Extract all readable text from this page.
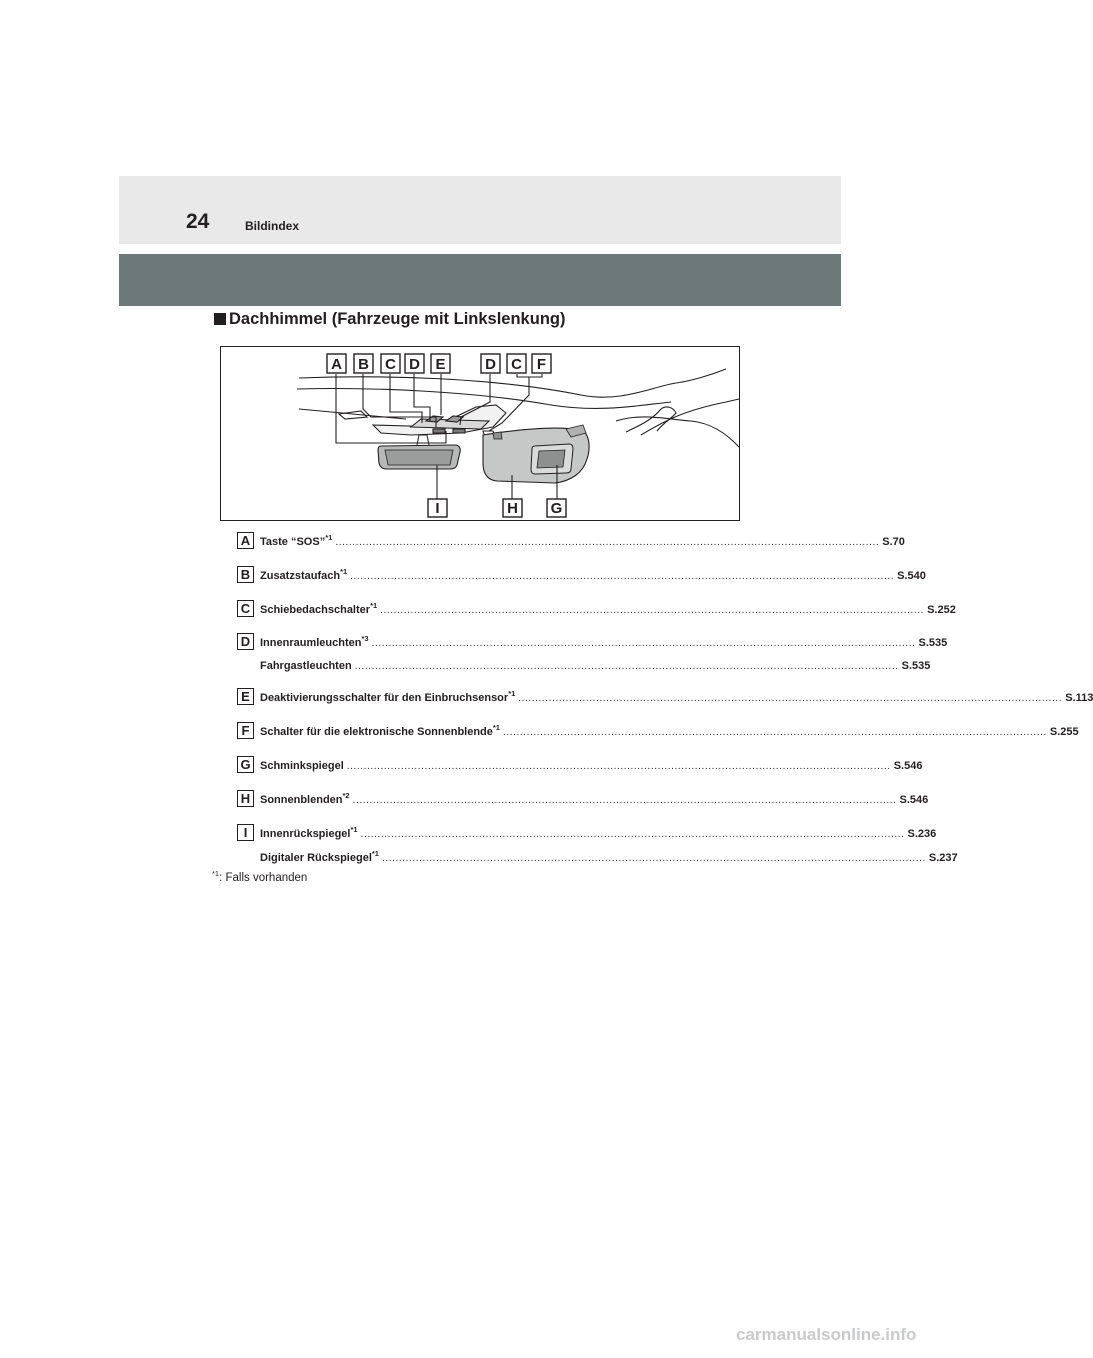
24	Bildindex
Dachhimmel (Fahrzeuge mit Linkslenkung)
A B C D E	D C F
I	H G
A Taste “SOS”$^{*1}$ ................................................................................................................................................................. S.70
B Zusatzstaufach$^{*1}$ ................................................................................................................................................................. S.540
C Schiebedachschalter$^{*1}$ ................................................................................................................................................................. S.252
D Innenraumleuchten$^{*3}$ ................................................................................................................................................................. S.535
Fahrgastleuchten ................................................................................................................................................................. S.535
E Deaktivierungsschalter für den Einbruchsensor$^{*1}$ ................................................................................................................................................................. S.113
F Schalter für die elektronische Sonnenblende$^{*1}$ ................................................................................................................................................................. S.255
G Schminkspiegel ................................................................................................................................................................. S.546
H Sonnenblenden$^{*2}$ ................................................................................................................................................................. S.546
I	Innenrückspiegel$^{*1}$ ................................................................................................................................................................. S.236
Digitaler Rückspiegel$^{*1}$ ................................................................................................................................................................. S.237
$^{*1}$: Falls vorhanden
carmanualsonline.info
